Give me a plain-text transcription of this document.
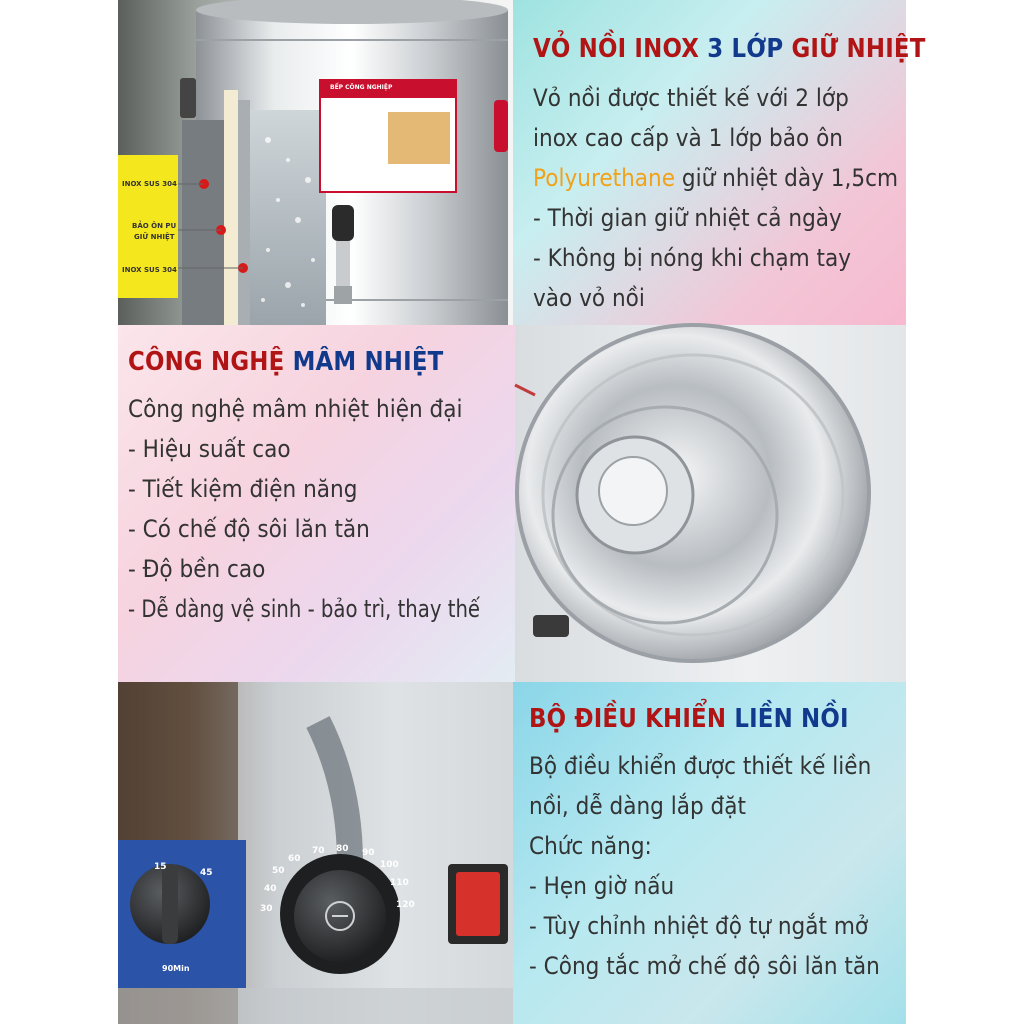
INOX SUS 304
BẢO ÔN PU
GIỮ NHIỆT
INOX SUS 304
BẾP CÔNG NGHIỆP
VỎ NỒI INOX 3 LỚP GIỮ NHIỆT
Vỏ nồi được thiết kế với 2 lớp
inox cao cấp và 1 lớp bảo ôn
Polyurethane giữ nhiệt dày 1,5cm
- Thời gian giữ nhiệt cả ngày
- Không bị nóng khi chạm tay
vào vỏ nồi
CÔNG NGHỆ MÂM NHIỆT
Công nghệ mâm nhiệt hiện đại
- Hiệu suất cao
- Tiết kiệm điện năng
- Có chế độ sôi lăn tăn
- Độ bền cao
- Dễ dàng vệ sinh - bảo trì, thay thế
15
45
90Min
30
40
50
60
70 80 90
100
110
120
BỘ ĐIỀU KHIỂN LIỀN NỒI
Bộ điều khiển được thiết kế liền
nồi, dễ dàng lắp đặt
Chức năng:
- Hẹn giờ nấu
- Tùy chỉnh nhiệt độ tự ngắt mở
- Công tắc mở chế độ sôi lăn tăn
